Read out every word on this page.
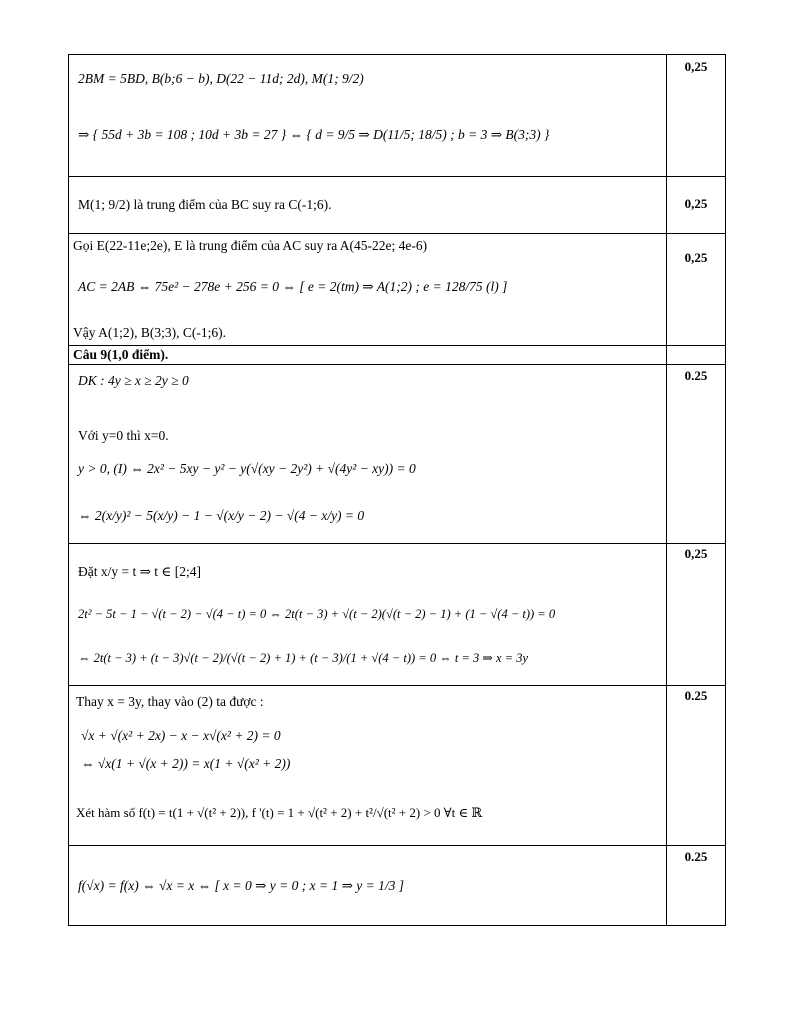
2BM = 5BD, B(b;6 − b), D(22 − 11d; 2d), M(1; 9/2)
⇒ { 55d + 3b = 108 ; 10d + 3b = 27 } ⇔ { d = 9/5 ⇒ D(11/5; 18/5) ; b = 3 ⇒ B(3;3) }	0,25

M(1; 9/2) là trung điểm của BC suy ra C(-1;6).	0,25

Gọi E(22-11e;2e), E là trung điểm của AC suy ra A(45-22e; 4e-6)
AC = 2AB ⇔ 75e² − 278e + 256 = 0 ⇔ [ e = 2(tm) ⇒ A(1;2) ; e = 128/75 (l) ]
Vậy A(1;2), B(3;3), C(-1;6).	0,25

Câu 9(1,0 điểm).	

DK : 4y ≥ x ≥ 2y ≥ 0
Với y=0 thì x=0.
y > 0, (I) ⇔ 2x² − 5xy − y² − y(√(xy − 2y²) + √(4y² − xy)) = 0
⇔ 2(x/y)² − 5(x/y) − 1 − √(x/y − 2) − √(4 − x/y) = 0	0.25

Đặt x/y = t ⇒ t ∈ [2;4]
2t² − 5t − 1 − √(t − 2) − √(4 − t) = 0 ⇔ 2t(t − 3) + √(t − 2)(√(t − 2) − 1) + (1 − √(4 − t)) = 0
⇔ 2t(t − 3) + (t − 3)√(t − 2)/(√(t − 2) + 1) + (t − 3)/(1 + √(4 − t)) = 0 ⇔ t = 3 ⇒ x = 3y	0,25

Thay x = 3y, thay vào (2) ta được :
√x + √(x² + 2x) − x − x√(x² + 2) = 0
⇔ √x(1 + √(x + 2)) = x(1 + √(x² + 2))
Xét hàm số f(t) = t(1 + √(t² + 2)), f '(t) = 1 + √(t² + 2) + t²/√(t² + 2) > 0 ∀t ∈ ℝ	0.25

f(√x) = f(x) ⇔ √x = x ⇔ [ x = 0 ⇒ y = 0 ; x = 1 ⇒ y = 1/3 ]	0.25
